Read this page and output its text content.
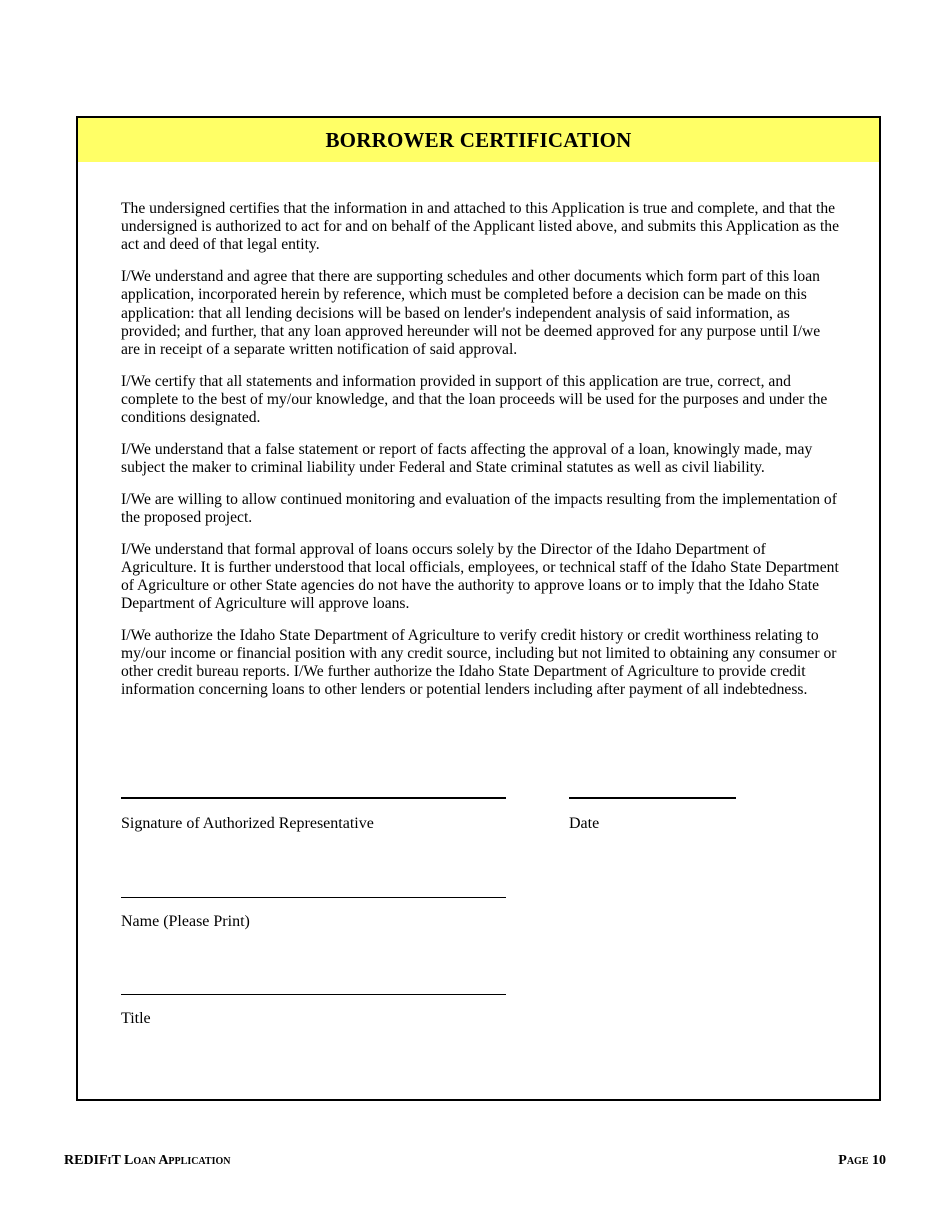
BORROWER CERTIFICATION

The undersigned certifies that the information in and attached to this Application is true and complete, and that the undersigned is authorized to act for and on behalf of the Applicant listed above, and submits this Application as the act and deed of that legal entity.

I/We understand and agree that there are supporting schedules and other documents which form part of this loan application, incorporated herein by reference, which must be completed before a decision can be made on this application: that all lending decisions will be based on lender's independent analysis of said information, as provided; and further, that any loan approved hereunder will not be deemed approved for any purpose until I/we are in receipt of a separate written notification of said approval.

I/We certify that all statements and information provided in support of this application are true, correct, and complete to the best of my/our knowledge, and that the loan proceeds will be used for the purposes and under the conditions designated.

I/We understand that a false statement or report of facts affecting the approval of a loan, knowingly made, may subject the maker to criminal liability under Federal and State criminal statutes as well as civil liability.

I/We are willing to allow continued monitoring and evaluation of the impacts resulting from the implementation of the proposed project.

I/We understand that formal approval of loans occurs solely by the Director of the Idaho Department of Agriculture. It is further understood that local officials, employees, or technical staff of the Idaho State Department of Agriculture or other State agencies do not have the authority to approve loans or to imply that the Idaho State Department of Agriculture will approve loans.

I/We authorize the Idaho State Department of Agriculture to verify credit history or credit worthiness relating to my/our income or financial position with any credit source, including but not limited to obtaining any consumer or other credit bureau reports. I/We further authorize the Idaho State Department of Agriculture to provide credit information concerning loans to other lenders or potential lenders including after payment of all indebtedness.

Signature of Authorized Representative	Date
Name (Please Print)
Title
REDIFiT Loan Application	Page 10
